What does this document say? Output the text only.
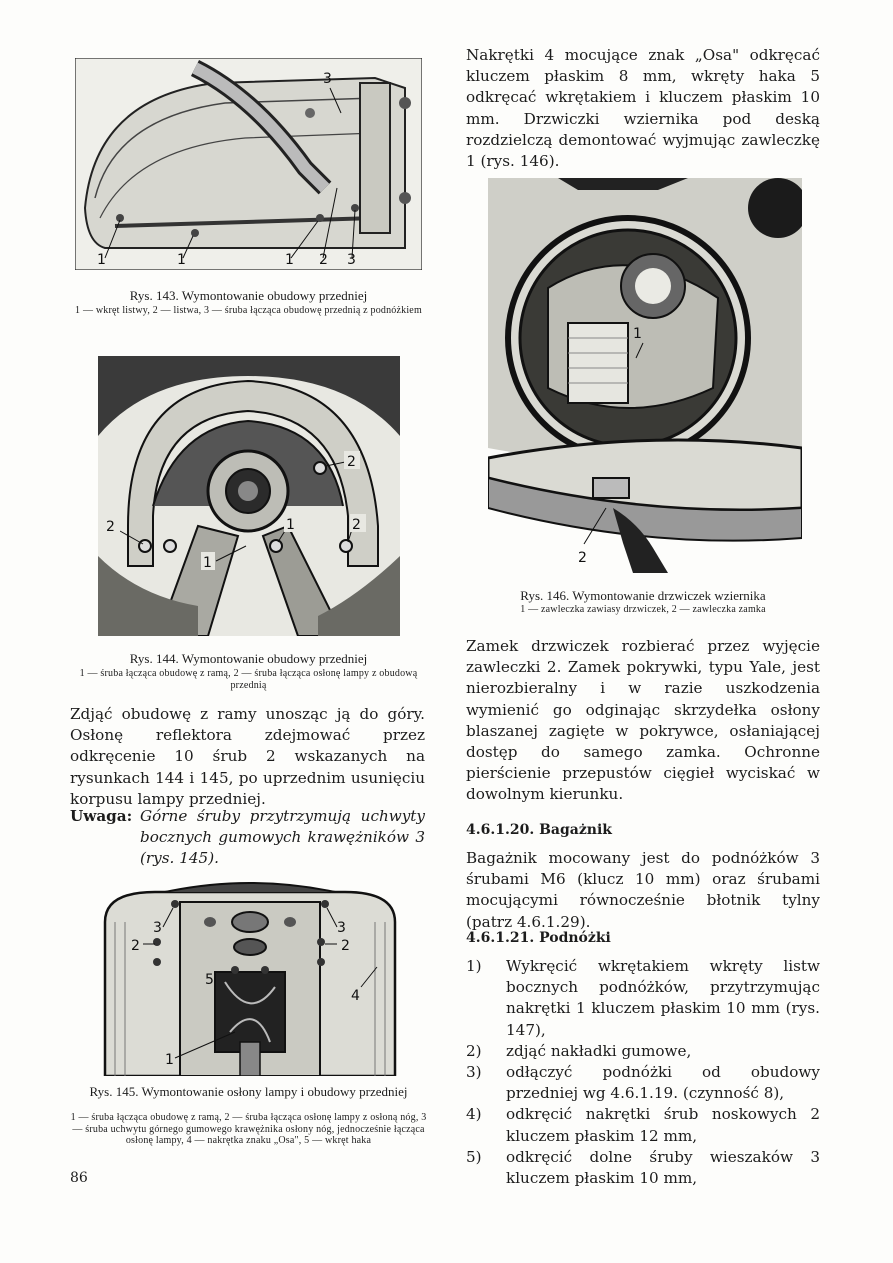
3
1	1	1 2 3
Rys. 143. Wymontowanie obudowy przedniej
1 — wkręt listwy, 2 — listwa, 3 — śruba łącząca obudowę przednią z podnóżkiem
2
2
1
1	2
Rys. 144. Wymontowanie obudowy przedniej
1 — śruba łącząca obudowę z ramą, 2 — śruba łącząca osłonę lampy z obudową przednią
Zdjąć obudowę z ramy unosząc ją do góry. Osłonę reflektora zdejmować przez odkręcenie 10 śrub 2 wskazanych na rysunkach 144 i 145, po uprzednim usunięciu korpusu lampy przedniej.
Uwaga: Górne śruby przytrzymują uchwyty bocznych gumowych krawężników 3 (rys. 145).
3
2
5
3
2
4
1
Rys. 145. Wymontowanie osłony lampy i obudowy przedniej
1 — śruba łącząca obudowę z ramą, 2 — śruba łącząca osłonę lampy z osłoną nóg, 3 — śruba uchwytu górnego gumowego krawężnika osłony nóg, jednocześnie łącząca osłonę lampy, 4 — nakrętka znaku „Osa", 5 — wkręt haka
86
Nakrętki 4 mocujące znak „Osa" odkręcać kluczem płaskim 8 mm, wkręty haka 5 odkręcać wkrętakiem i kluczem płaskim 10 mm. Drzwiczki wziernika pod deską rozdzielczą demontować wyjmując zawleczkę 1 (rys. 146).
1
2
Rys. 146. Wymontowanie drzwiczek wziernika
1 — zawleczka zawiasy drzwiczek, 2 — zawleczka zamka
Zamek drzwiczek rozbierać przez wyjęcie zawleczki 2. Zamek pokrywki, typu Yale, jest nierozbieralny i w razie uszkodzenia wymienić go odginając skrzydełka osłony blaszanej zagięte w pokrywce, osłaniającej dostęp do samego zamka. Ochronne pierścienie przepustów cięgieł wyciskać w dowolnym kierunku.
4.6.1.20. Bagażnik
Bagażnik mocowany jest do podnóżków 3 śrubami M6 (klucz 10 mm) oraz śrubami mocującymi równocześnie błotnik tylny (patrz 4.6.1.29).
4.6.1.21. Podnóżki
1) Wykręcić wkrętakiem wkręty listw bocznych podnóżków, przytrzymując nakrętki 1 kluczem płaskim 10 mm (rys. 147),
2) zdjąć nakładki gumowe,
3) odłączyć podnóżki od obudowy przedniej wg 4.6.1.19. (czynność 8),
4) odkręcić nakrętki śrub noskowych 2 kluczem płaskim 12 mm,
5) odkręcić dolne śruby wieszaków 3 kluczem płaskim 10 mm,
